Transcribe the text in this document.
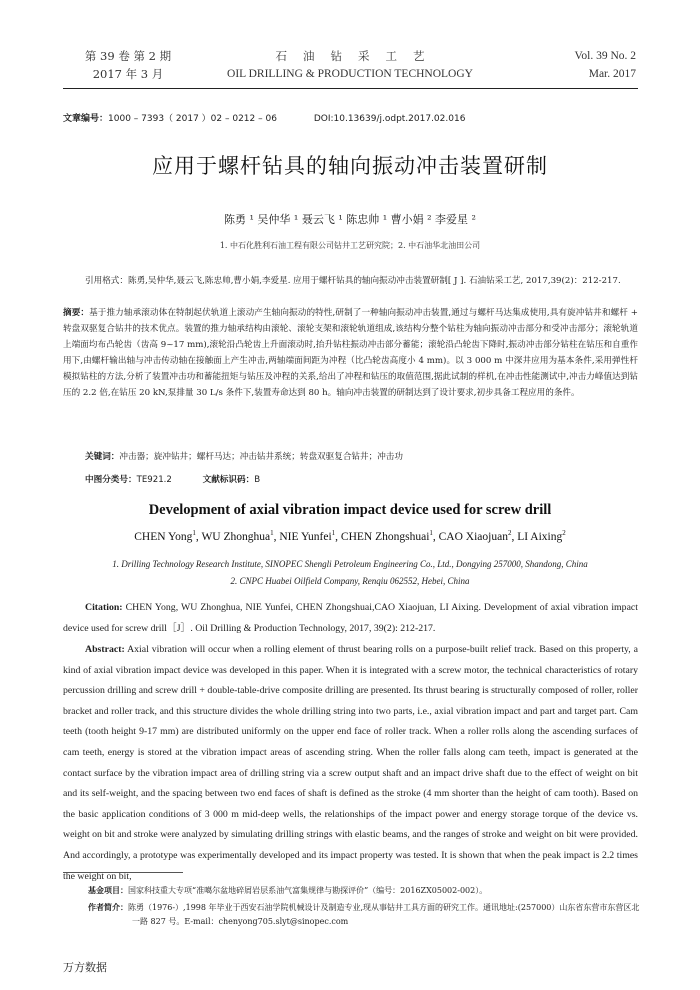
第 39 卷 第 2 期
2017 年 3 月
石油钻采工艺
OIL DRILLING & PRODUCTION TECHNOLOGY
Vol. 39 No. 2
Mar. 2017
文章编号：1000 – 7393（ 2017 ）02 – 0212 – 06	DOI:10.13639/j.odpt.2017.02.016
应用于螺杆钻具的轴向振动冲击装置研制
陈勇 ¹ 吴仲华 ¹ 聂云飞 ¹ 陈忠帅 ¹ 曹小娟 ² 李爱星 ²
1. 中石化胜利石油工程有限公司钻井工艺研究院；2. 中石油华北油田公司
引用格式：陈勇,吴仲华,聂云飞,陈忠帅,曹小娟,李爱星. 应用于螺杆钻具的轴向振动冲击装置研制[ J ]. 石油钻采工艺, 2017,39(2)：212-217.
摘要：基于推力轴承滚动体在特制起伏轨道上滚动产生轴向振动的特性,研制了一种轴向振动冲击装置,通过与螺杆马达集成使用,具有旋冲钻井和螺杆 + 转盘双驱复合钻井的技术优点。装置的推力轴承结构由滚轮、滚轮支架和滚轮轨道组成,该结构分整个钻柱为轴向振动冲击部分和受冲击部分；滚轮轨道上端面均布凸轮齿（齿高 9~17 mm),滚轮沿凸轮齿上升面滚动时,抬升钻柱振动冲击部分蓄能；滚轮沿凸轮齿下降时,振动冲击部分钻柱在钻压和自重作用下,由螺杆输出轴与冲击传动轴在接触面上产生冲击,两轴端面间距为冲程（比凸轮齿高度小 4 mm)。以 3 000 m 中深井应用为基本条件,采用弹性杆模拟钻柱的方法,分析了装置冲击功和蓄能扭矩与钻压及冲程的关系,给出了冲程和钻压的取值范围,据此试制的样机,在冲击性能测试中,冲击力峰值达到钻压的 2.2 倍,在钻压 20 kN,泵排量 30 L/s 条件下,装置寿命达到 80 h。轴向冲击装置的研制达到了设计要求,初步具备工程应用的条件。
关键词：冲击器；旋冲钻井；螺杆马达；冲击钻井系统；转盘双驱复合钻井；冲击功
中图分类号：TE921.2	文献标识码：B
Development of axial vibration impact device used for screw drill
CHEN Yong$^1$, WU Zhonghua$^1$, NIE Yunfei$^1$, CHEN Zhongshuai$^1$, CAO Xiaojuan$^2$, LI Aixing$^2$
1. Drilling Technology Research Institute, SINOPEC Shengli Petroleum Engineering Co., Ltd., Dongying 257000, Shandong, China
2. CNPC Huabei Oilfield Company, Renqiu 062552, Hebei, China
Citation: CHEN Yong, WU Zhonghua, NIE Yunfei, CHEN Zhongshuai,CAO Xiaojuan, LI Aixing. Development of axial vibration impact device used for screw drill［J］. Oil Drilling & Production Technology, 2017, 39(2): 212-217.
Abstract: Axial vibration will occur when a rolling element of thrust bearing rolls on a purpose-built relief track. Based on this property, a kind of axial vibration impact device was developed in this paper. When it is integrated with a screw motor, the technical characteristics of rotary percussion drilling and screw drill + double-table-drive composite drilling are presented. Its thrust bearing is structurally composed of roller, roller bracket and roller track, and this structure divides the whole drilling string into two parts, i.e., axial vibration impact and part and target part. Cam teeth (tooth height 9-17 mm) are distributed uniformly on the upper end face of roller track. When a roller rolls along the ascending surfaces of cam teeth, energy is stored at the vibration impact areas of ascending string. When the roller falls along cam teeth, impact is generated at the contact surface by the vibration impact area of drilling string via a screw output shaft and an impact drive shaft due to the effect of weight on bit and its self-weight, and the spacing between two end faces of shaft is defined as the stroke (4 mm shorter than the height of cam tooth). Based on the basic application conditions of 3 000 m mid-deep wells, the relationships of the impact power and energy storage torque of the device vs. weight on bit and stroke were analyzed by simulating drilling strings with elastic beams, and the ranges of stroke and weight on bit were provided. And accordingly, a prototype was experimentally developed and its impact property was tested. It is shown that when the peak impact is 2.2 times the weight on bit,
基金项目：国家科技重大专项“准噶尔盆地碎屑岩层系油气富集规律与勘探评价”（编号：2016ZX05002-002）。
作者简介：陈勇（1976-）,1998 年毕业于西安石油学院机械设计及制造专业,现从事钻井工具方面的研究工作。通讯地址:(257000）山东省东营市东营区北一路 827 号。E-mail：chenyong705.slyt@sinopec.com
万方数据
